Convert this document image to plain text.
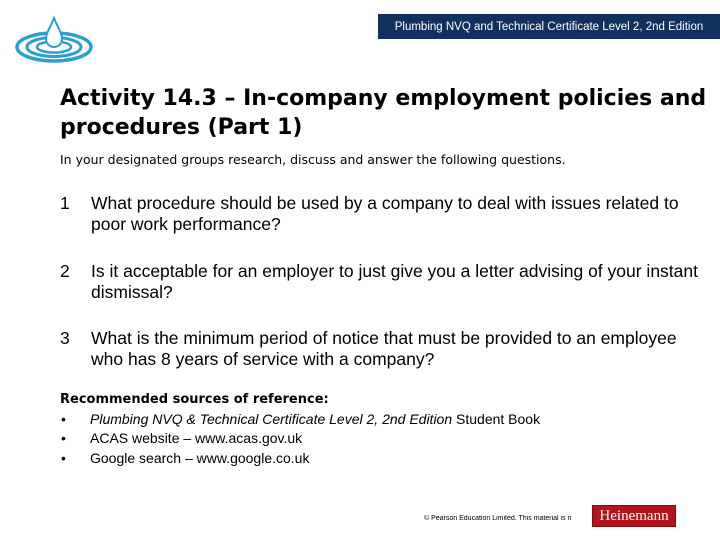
Plumbing NVQ and Technical Certificate Level 2, 2nd Edition
Activity 14.3 – In-company employment policies and procedures (Part 1)

In your designated groups research, discuss and answer the following questions.

1	What procedure should be used by a company to deal with issues related to poor work performance?
2	Is it acceptable for an employer to just give you a letter advising of your instant dismissal?
3	What is the minimum period of notice that must be provided to an employee who has 8 years of service with a company?
Recommended sources of reference:
•	Plumbing NVQ & Technical Certificate Level 2, 2nd Edition Student Book
•	ACAS website – www.acas.gov.uk
•	Google search – www.google.co.uk
© Pearson Education Limited. This material is n	Heinemann
